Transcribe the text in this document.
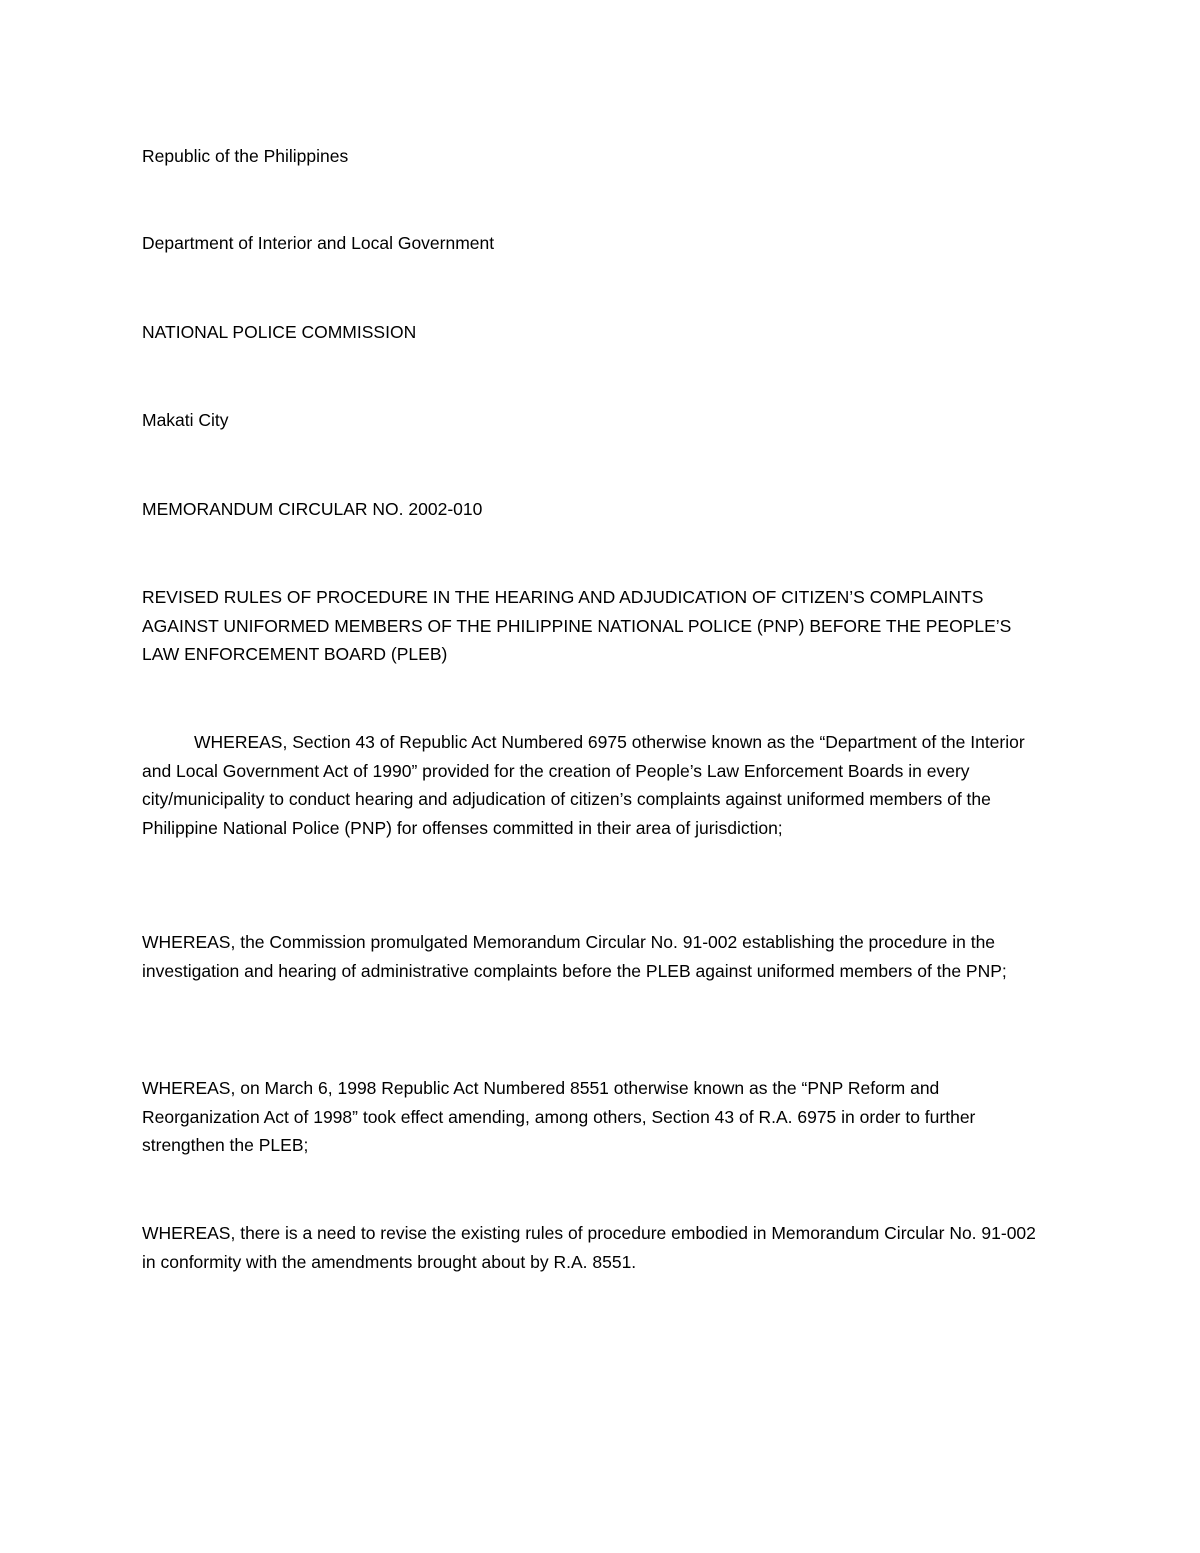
Republic of the Philippines

Department of Interior and Local Government

NATIONAL POLICE COMMISSION

Makati City

MEMORANDUM CIRCULAR NO. 2002-010

REVISED RULES OF PROCEDURE IN THE HEARING AND ADJUDICATION OF CITIZEN’S COMPLAINTS AGAINST UNIFORMED MEMBERS OF THE PHILIPPINE NATIONAL POLICE (PNP) BEFORE THE PEOPLE’S LAW ENFORCEMENT BOARD (PLEB)

WHEREAS, Section 43 of Republic Act Numbered 6975 otherwise known as the “Department of the Interior and Local Government Act of 1990” provided for the creation of People’s Law Enforcement Boards in every city/municipality to conduct hearing and adjudication of citizen’s complaints against uniformed members of the Philippine National Police (PNP) for offenses committed in their area of jurisdiction;

WHEREAS, the Commission promulgated Memorandum Circular No. 91-002 establishing the procedure in the investigation and hearing of administrative complaints before the PLEB against uniformed members of the PNP;

WHEREAS, on March 6, 1998 Republic Act Numbered 8551 otherwise known as the “PNP Reform and Reorganization Act of 1998” took effect amending, among others, Section 43 of R.A. 6975 in order to further strengthen the PLEB;

WHEREAS, there is a need to revise the existing rules of procedure embodied in Memorandum Circular No. 91-002 in conformity with the amendments brought about by R.A. 8551.
